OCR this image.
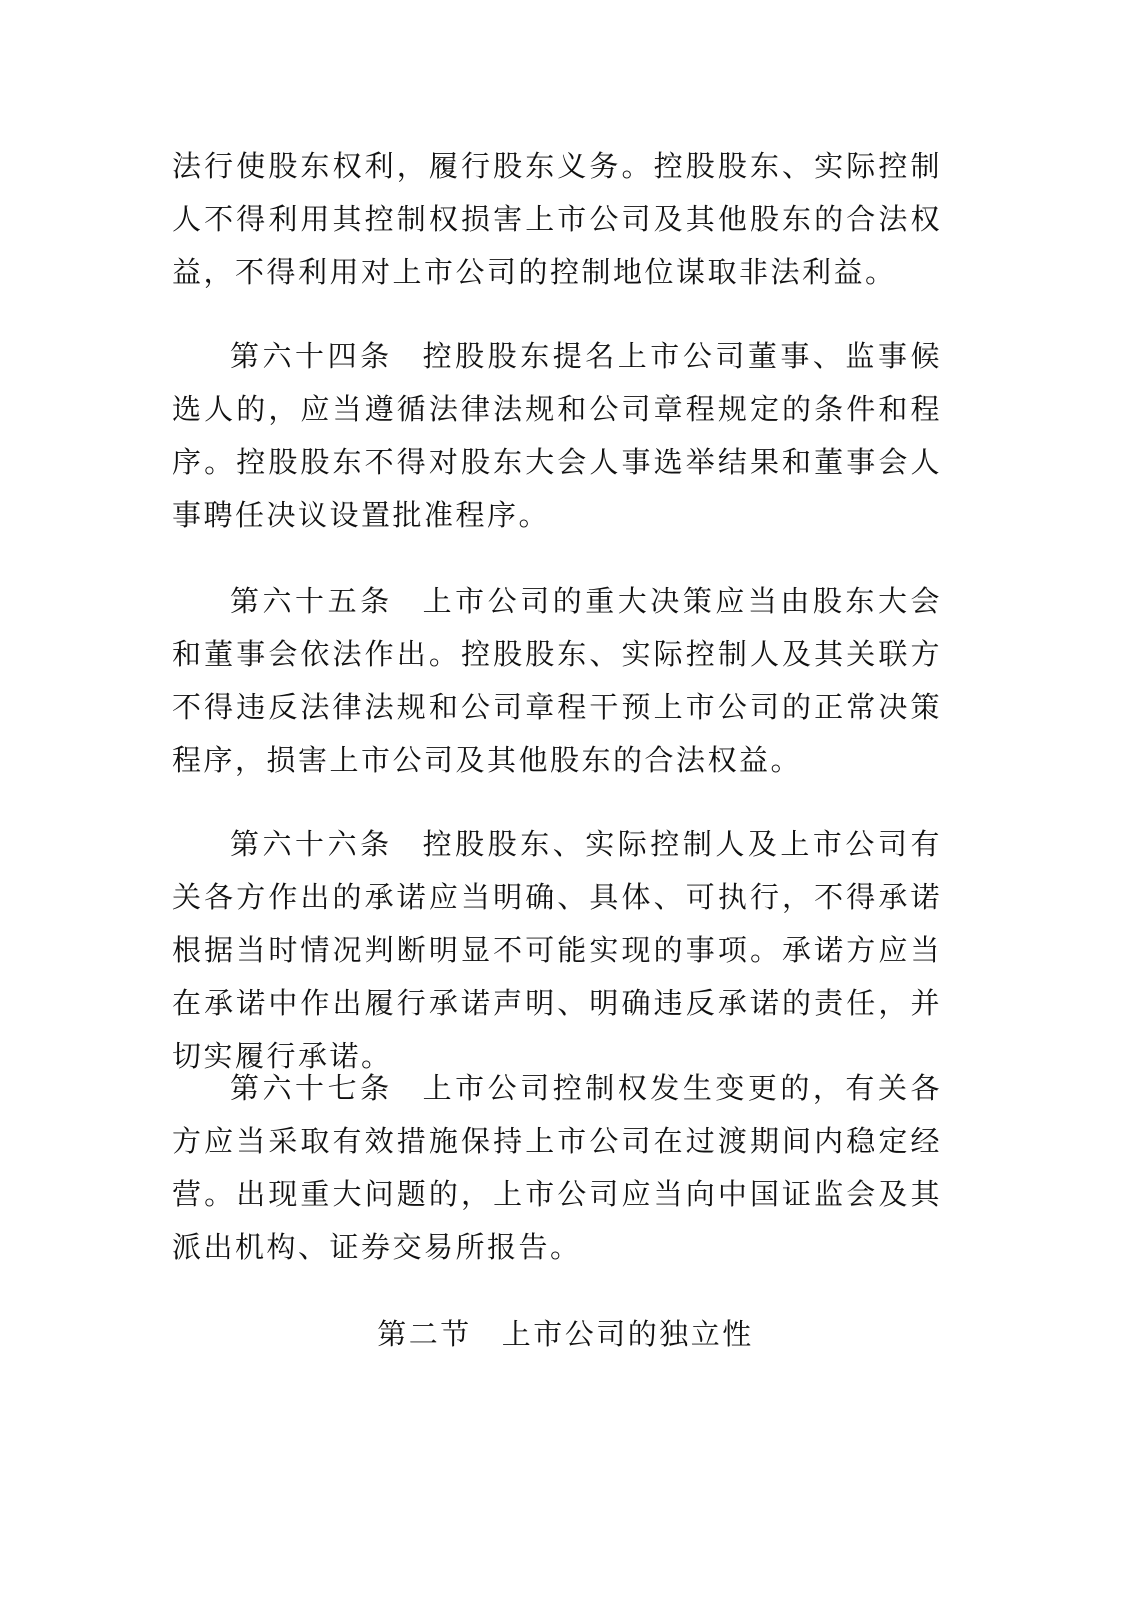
法行使股东权利，履行股东义务。控股股东、实际控制人不得利用其控制权损害上市公司及其他股东的合法权益，不得利用对上市公司的控制地位谋取非法利益。

第六十四条 控股股东提名上市公司董事、监事候选人的，应当遵循法律法规和公司章程规定的条件和程序。控股股东不得对股东大会人事选举结果和董事会人事聘任决议设置批准程序。

第六十五条 上市公司的重大决策应当由股东大会和董事会依法作出。控股股东、实际控制人及其关联方不得违反法律法规和公司章程干预上市公司的正常决策程序，损害上市公司及其他股东的合法权益。

第六十六条 控股股东、实际控制人及上市公司有关各方作出的承诺应当明确、具体、可执行，不得承诺根据当时情况判断明显不可能实现的事项。承诺方应当在承诺中作出履行承诺声明、明确违反承诺的责任，并切实履行承诺。

第六十七条 上市公司控制权发生变更的，有关各方应当采取有效措施保持上市公司在过渡期间内稳定经营。出现重大问题的，上市公司应当向中国证监会及其派出机构、证券交易所报告。

第二节 上市公司的独立性
